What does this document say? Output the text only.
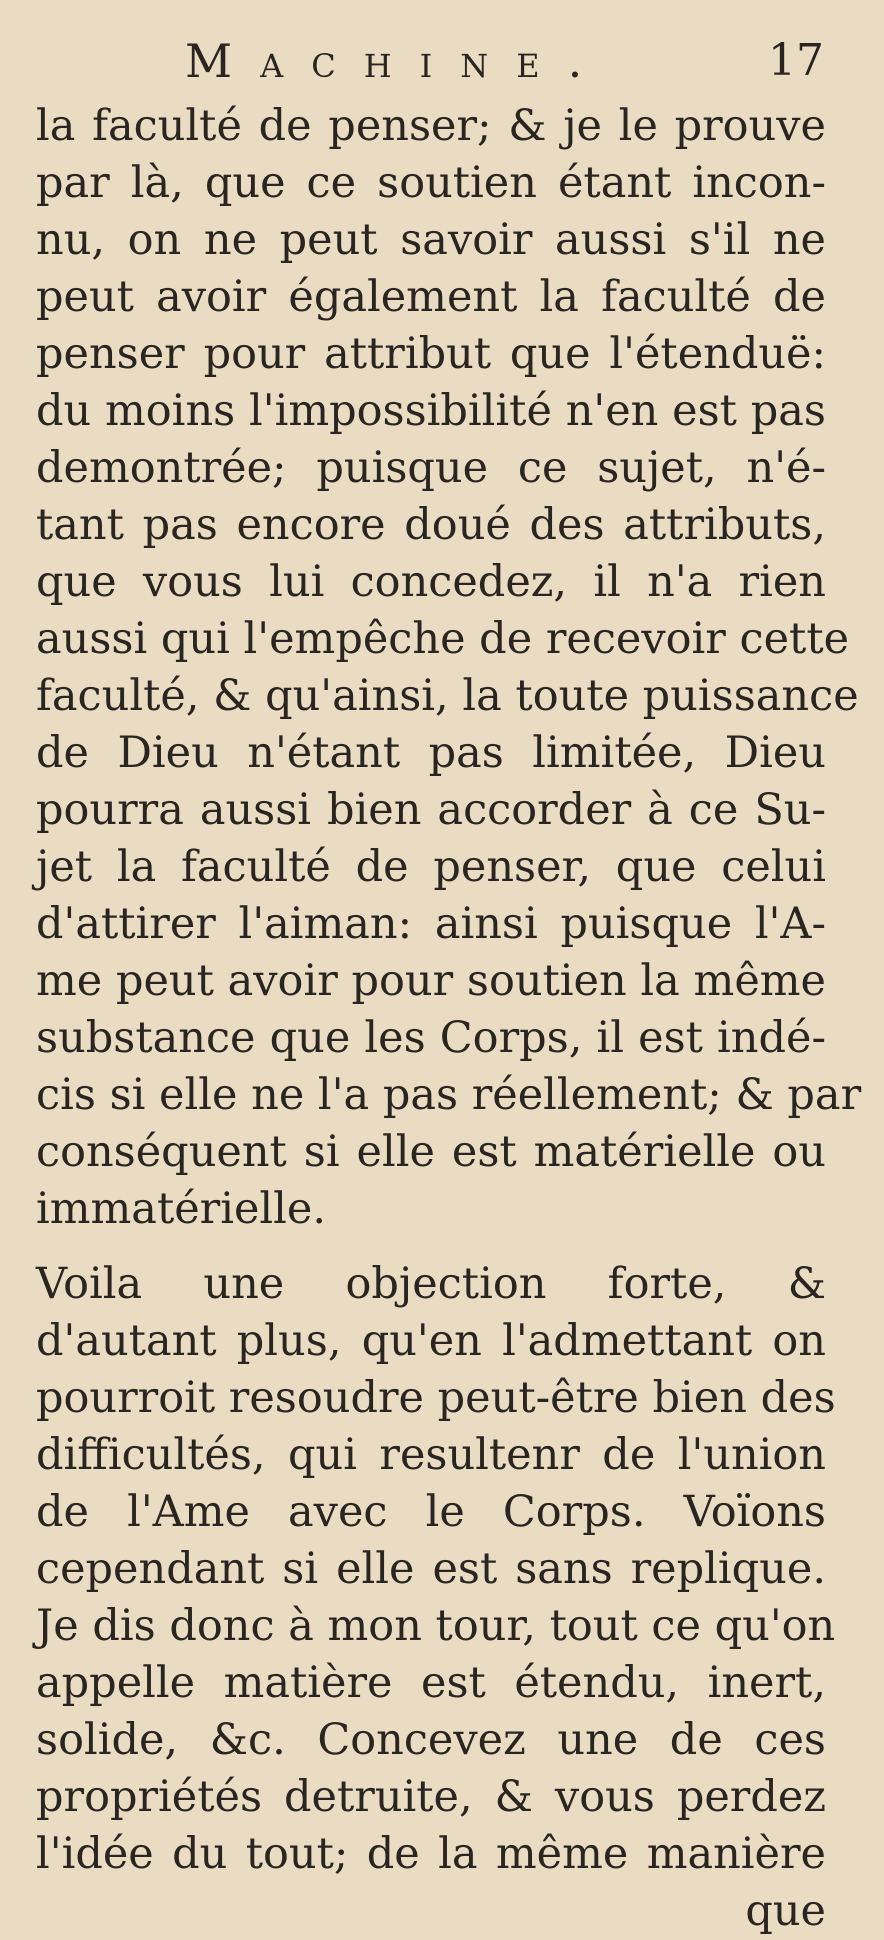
Machine.	17
la faculté de penser; & je le prouve
par là, que ce soutien étant incon-
nu, on ne peut savoir aussi s'il ne
peut avoir également la faculté de
penser pour attribut que l'étenduë:
du moins l'impossibilité n'en est pas
demontrée; puisque ce sujet, n'é-
tant pas encore doué des attributs,
que vous lui concedez, il n'a rien
aussi qui l'empêche de recevoir cette
faculté, & qu'ainsi, la toute puissance
de Dieu n'étant pas limitée, Dieu
pourra aussi bien accorder à ce Su-
jet la faculté de penser, que celui
d'attirer l'aiman: ainsi puisque l'A-
me peut avoir pour soutien la même
substance que les Corps, il est indé-
cis si elle ne l'a pas réellement; & par
conséquent si elle est matérielle ou
immatérielle.
Voila une objection forte, &
d'autant plus, qu'en l'admettant on
pourroit resoudre peut-être bien des
difficultés, qui resultenr de l'union
de l'Ame avec le Corps. Voïons
cependant si elle est sans replique.
Je dis donc à mon tour, tout ce qu'on
appelle matière est étendu, inert,
solide, &c. Concevez une de ces
propriétés detruite, & vous perdez
l'idée du tout; de la même manière
que
